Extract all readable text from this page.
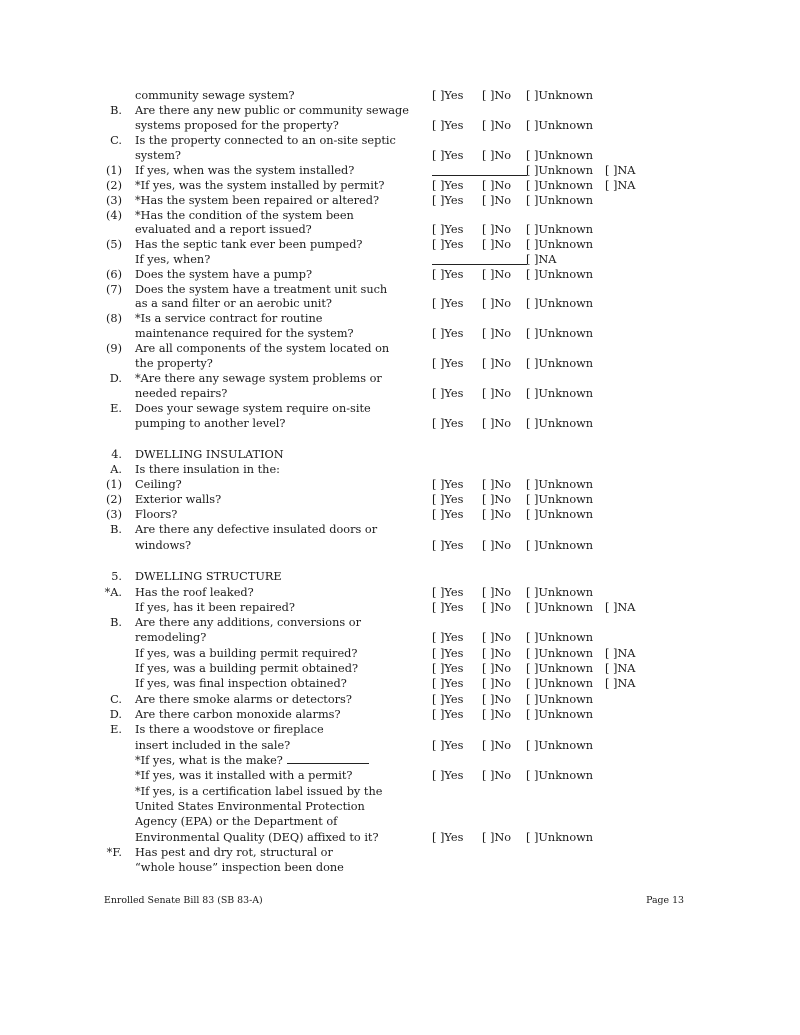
community sewage system?	[ ]Yes [ ]No [ ]Unknown
B. Are there any new public or community sewage
systems proposed for the property?	[ ]Yes [ ]No [ ]Unknown
C. Is the property connected to an on-site septic
system?	[ ]Yes [ ]No [ ]Unknown
(1) If yes, when was the system installed?	[ ]Unknown [ ]NA
(2) *If yes, was the system installed by permit?	[ ]Yes [ ]No [ ]Unknown [ ]NA
(3) *Has the system been repaired or altered?	[ ]Yes [ ]No [ ]Unknown
(4) *Has the condition of the system been
evaluated and a report issued?	[ ]Yes [ ]No [ ]Unknown
(5) Has the septic tank ever been pumped?	[ ]Yes [ ]No [ ]Unknown
If yes, when?	[ ]NA
(6) Does the system have a pump?	[ ]Yes [ ]No [ ]Unknown
(7) Does the system have a treatment unit such
as a sand filter or an aerobic unit?	[ ]Yes [ ]No [ ]Unknown
(8) *Is a service contract for routine
maintenance required for the system?	[ ]Yes [ ]No [ ]Unknown
(9) Are all components of the system located on
the property?	[ ]Yes [ ]No [ ]Unknown
D. *Are there any sewage system problems or
needed repairs?	[ ]Yes [ ]No [ ]Unknown
E. Does your sewage system require on-site
pumping to another level?	[ ]Yes [ ]No [ ]Unknown
4. DWELLING INSULATION
A. Is there insulation in the:
(1) Ceiling?	[ ]Yes [ ]No [ ]Unknown
(2) Exterior walls?	[ ]Yes [ ]No [ ]Unknown
(3) Floors?	[ ]Yes [ ]No [ ]Unknown
B. Are there any defective insulated doors or
windows?	[ ]Yes [ ]No [ ]Unknown
5. DWELLING STRUCTURE
*A. Has the roof leaked?	[ ]Yes [ ]No [ ]Unknown
If yes, has it been repaired?	[ ]Yes [ ]No [ ]Unknown [ ]NA
B. Are there any additions, conversions or
remodeling?	[ ]Yes [ ]No [ ]Unknown
If yes, was a building permit required?	[ ]Yes [ ]No [ ]Unknown [ ]NA
If yes, was a building permit obtained?	[ ]Yes [ ]No [ ]Unknown [ ]NA
If yes, was final inspection obtained?	[ ]Yes [ ]No [ ]Unknown [ ]NA
C. Are there smoke alarms or detectors?	[ ]Yes [ ]No [ ]Unknown
D. Are there carbon monoxide alarms?	[ ]Yes [ ]No [ ]Unknown
E. Is there a woodstove or fireplace
insert included in the sale?	[ ]Yes [ ]No [ ]Unknown
*If yes, what is the make?
*If yes, was it installed with a permit?	[ ]Yes [ ]No [ ]Unknown
*If yes, is a certification label issued by the
United States Environmental Protection
Agency (EPA) or the Department of
Environmental Quality (DEQ) affixed to it?	[ ]Yes [ ]No [ ]Unknown
*F. Has pest and dry rot, structural or
“whole house” inspection been done
Enrolled Senate Bill 83 (SB 83-A)	Page 13
